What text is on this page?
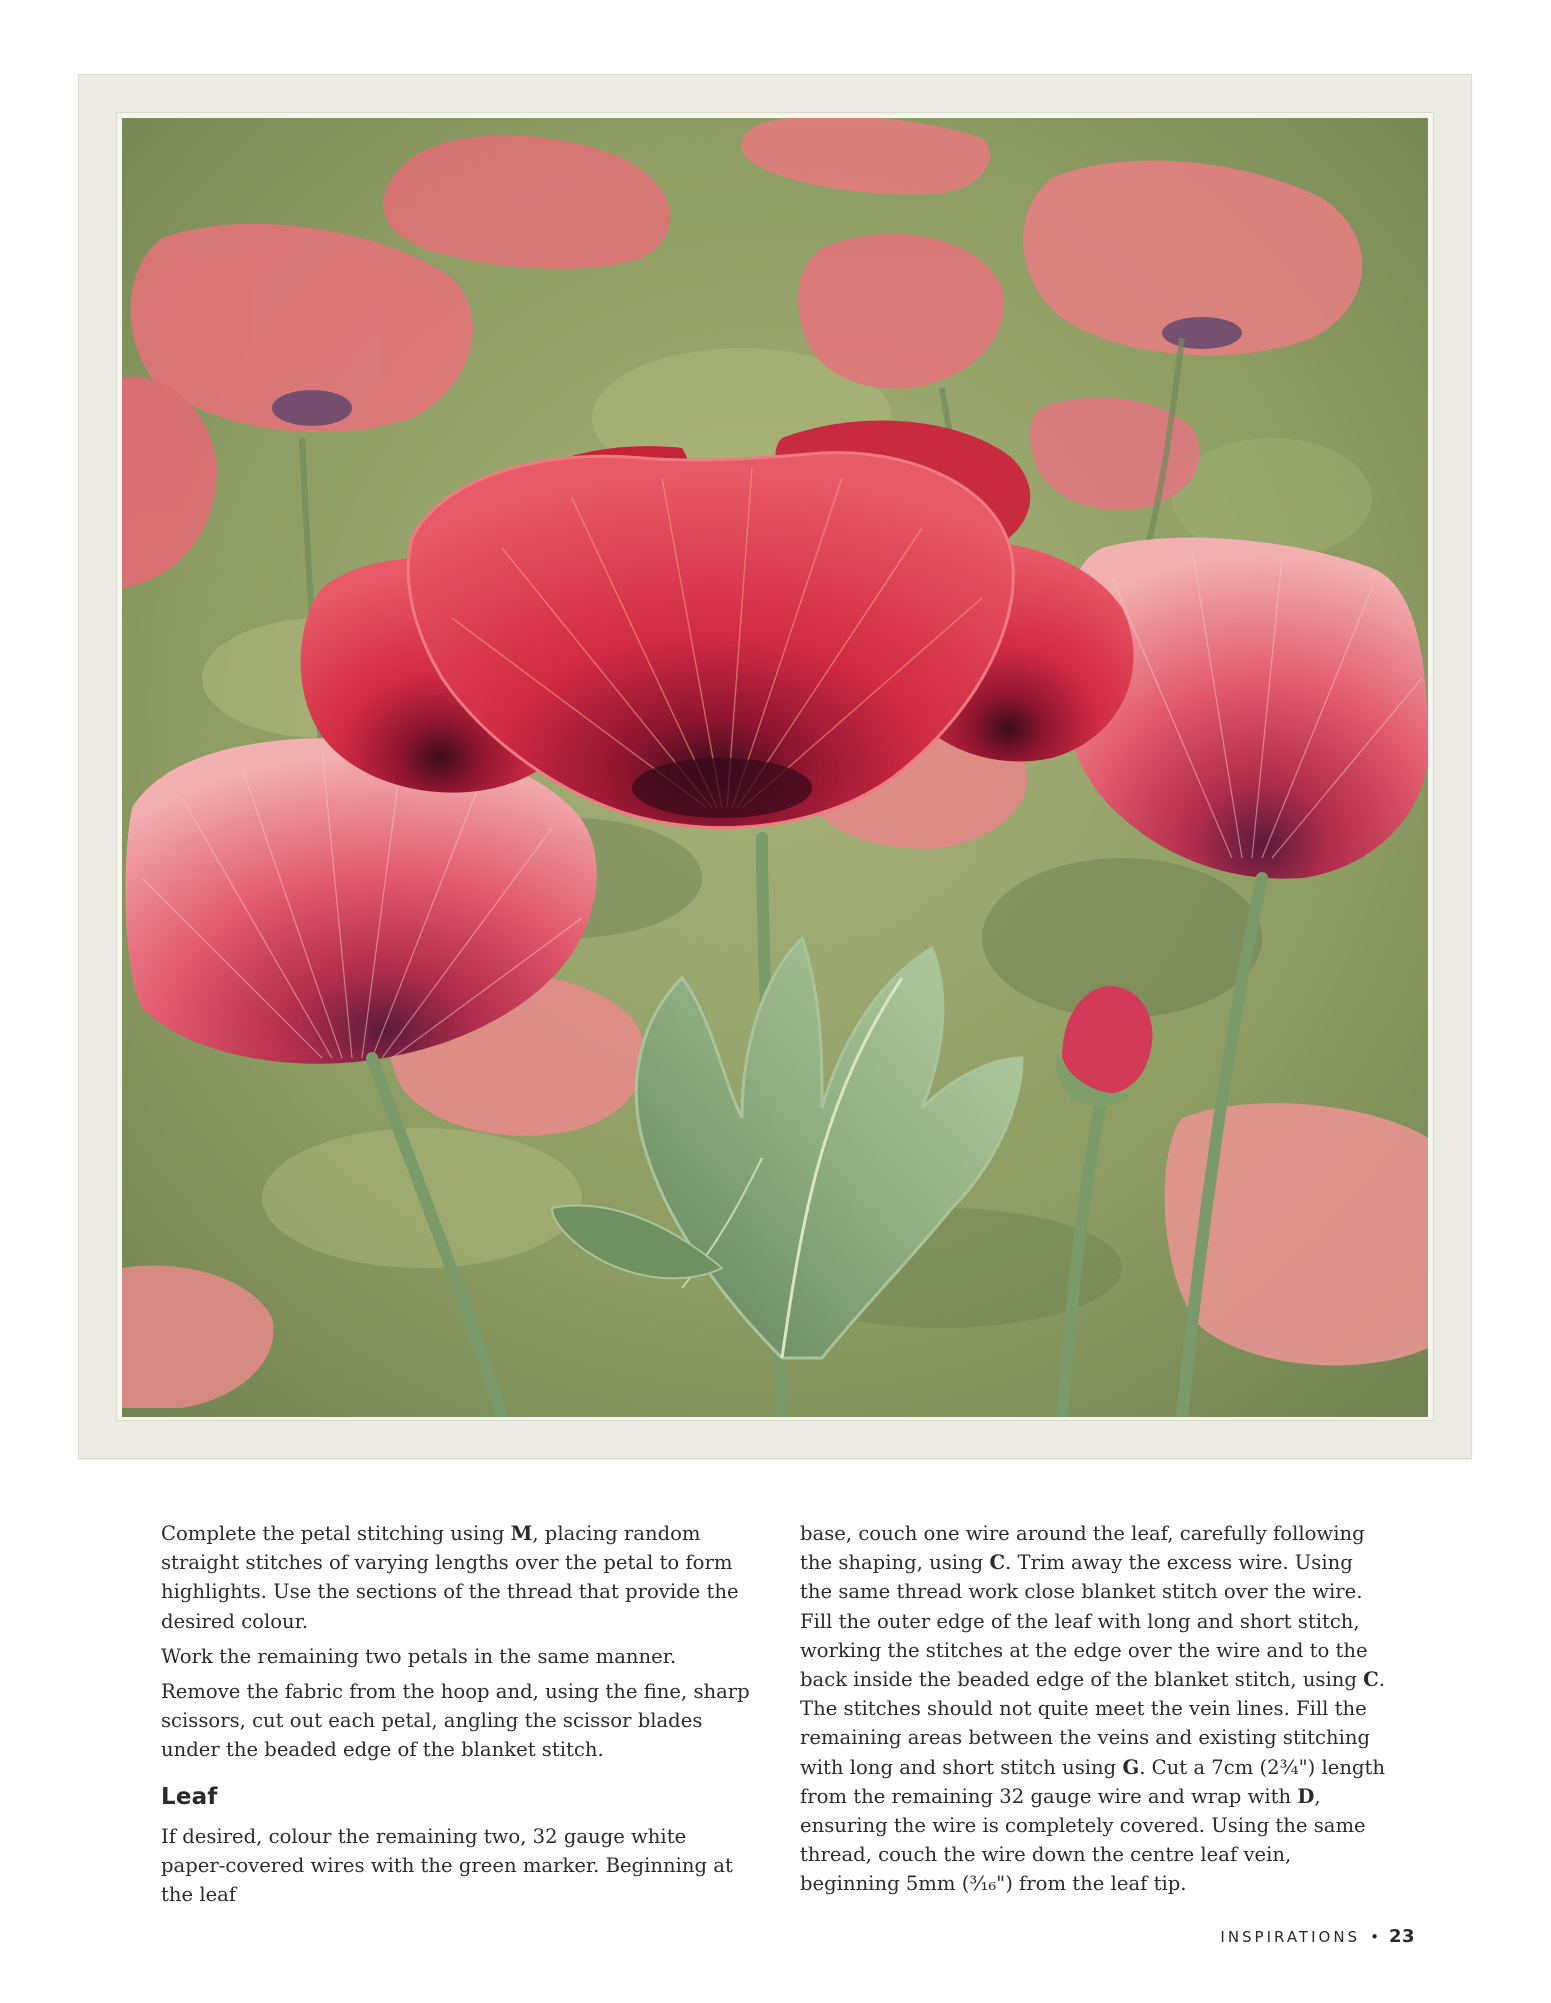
Complete the petal stitching using M, placing random straight stitches of varying lengths over the petal to form highlights. Use the sections of the thread that provide the desired colour.

Work the remaining two petals in the same manner.

Remove the fabric from the hoop and, using the fine, sharp scissors, cut out each petal, angling the scissor blades under the beaded edge of the blanket stitch.

Leaf

If desired, colour the remaining two, 32 gauge white paper-covered wires with the green marker. Beginning at the leaf

base, couch one wire around the leaf, carefully following the shaping, using C. Trim away the excess wire. Using the same thread work close blanket stitch over the wire. Fill the outer edge of the leaf with long and short stitch, working the stitches at the edge over the wire and to the back inside the beaded edge of the blanket stitch, using C. The stitches should not quite meet the vein lines. Fill the remaining areas between the veins and existing stitching with long and short stitch using G. Cut a 7cm (2¾") length from the remaining 32 gauge wire and wrap with D, ensuring the wire is completely covered. Using the same thread, couch the wire down the centre leaf vein, beginning 5mm (³⁄₁₆") from the leaf tip.

INSPIRATIONS • 23
